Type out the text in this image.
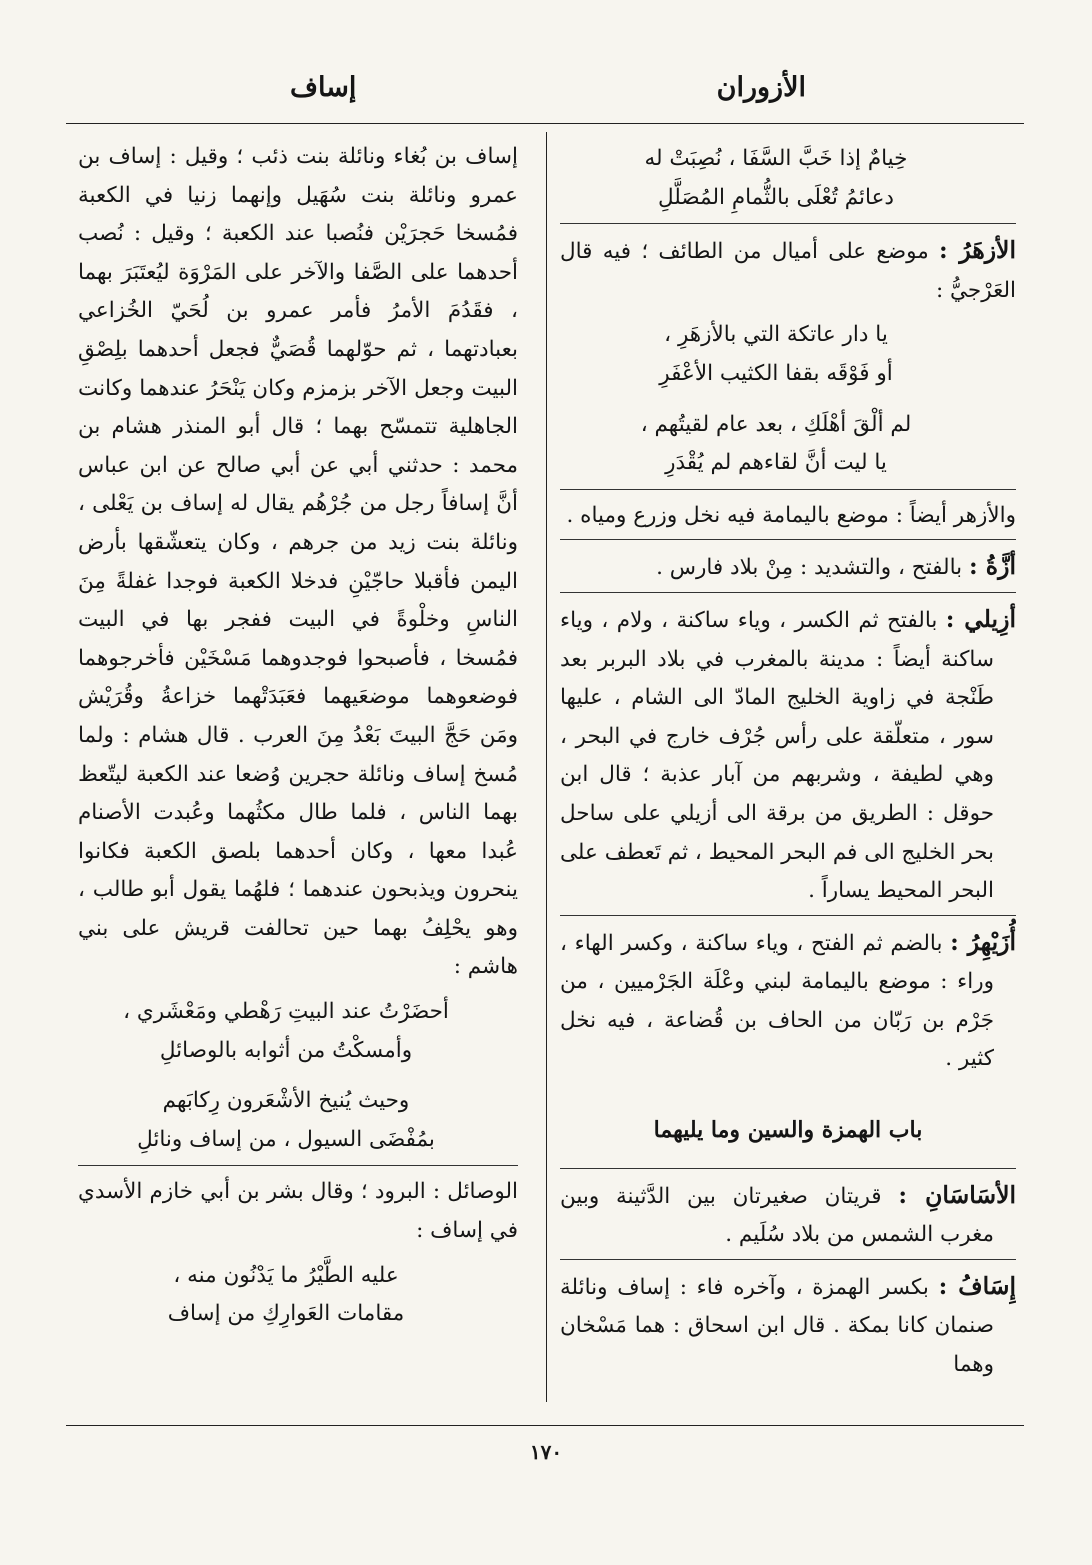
الأزوران
إساف
خِيامٌ إذا خَبَّ السَّفَا ، نُصِبَتْ له
دعائمُ تُعْلَى بالثُّمامِ المُصَلَّلِ

الأزهَرُ : موضع على أميال من الطائف ؛ فيه قال العَرْجيُّ :

يا دار عاتكة التي بالأزهَرِ ،
أو فَوْقَه بقفا الكثيب الأعْفَرِ
لم ألْقَ أهْلَكِ ، بعد عام لقيتُهم ،
يا ليت أنَّ لقاءهم لم يُقْدَرِ

والأزهر أيضاً : موضع باليمامة فيه نخل وزرع ومياه .

أزَّةُ : بالفتح ، والتشديد : مِنْ بلاد فارس .

أزِيلي : بالفتح ثم الكسر ، وياء ساكنة ، ولام ، وياء ساكنة أيضاً : مدينة بالمغرب في بلاد البربر بعد طَنْجة في زاوية الخليج المادّ الى الشام ، عليها سور ، متعلّقة على رأس جُرْف خارج في البحر ، وهي لطيفة ، وشربهم من آبار عذبة ؛ قال ابن حوقل : الطريق من برقة الى أزيلي على ساحل بحر الخليج الى فم البحر المحيط ، ثم تَعطف على البحر المحيط يساراً .

أُزَيْهِرُ : بالضم ثم الفتح ، وياء ساكنة ، وكسر الهاء ، وراء : موضع باليمامة لبني وعْلَة الجَرْميين ، من جَرْم بن رَبّان من الحاف بن قُضاعة ، فيه نخل كثير .

باب الهمزة والسين وما يليهما

الأسَاسَانِ : قريتان صغيرتان بين الدَّثينة وبين مغرب الشمس من بلاد سُلَيم .

إِسَافُ : بكسر الهمزة ، وآخره فاء : إساف ونائلة صنمان كانا بمكة . قال ابن اسحاق : هما مَسْخان وهما

إساف بن بُغاء ونائلة بنت ذئب ؛ وقيل : إساف بن عمرو ونائلة بنت سُهَيل وإنهما زنيا في الكعبة فمُسخا حَجرَيْن فنُصبا عند الكعبة ؛ وقيل : نُصب أحدهما على الصَّفا والآخر على المَرْوَة ليُعتَبَرَ بهما ، فقَدُمَ الأمرُ فأمر عمرو بن لُحَيّ الخُزاعي بعبادتهما ، ثم حوّلهما قُصَيٌّ فجعل أحدهما بلِصْقِ البيت وجعل الآخر بزمزم وكان يَنْحَرُ عندهما وكانت الجاهلية تتمسّح بهما ؛ قال أبو المنذر هشام بن محمد : حدثني أبي عن أبي صالح عن ابن عباس أنَّ إسافاً رجل من جُرْهُم يقال له إساف بن يَعْلى ، ونائلة بنت زيد من جرهم ، وكان يتعشّقها بأرض اليمن فأقبلا حاجّيْنِ فدخلا الكعبة فوجدا غفلةً مِنَ الناسِ وخلْوةً في البيت ففجر بها في البيت فمُسخا ، فأصبحوا فوجدوهما مَسْخَيْن فأخرجوهما فوضعوهما موضعَيهما فعَبَدَتْهما خزاعةُ وقُرَيْش ومَن حَجَّ البيتَ بَعْدُ مِنَ العرب . قال هشام : ولما مُسخ إساف ونائلة حجرين وُضعا عند الكعبة ليتّعظ بهما الناس ، فلما طال مكثُهما وعُبدت الأصنام عُبدا معها ، وكان أحدهما بلصق الكعبة فكانوا ينحرون ويذبحون عندهما ؛ فلهُما يقول أبو طالب ، وهو يحْلِفُ بهما حين تحالفت قريش على بني هاشم :

أحضَرْتُ عند البيتِ رَهْطي ومَعْشَري ،
وأمسكْتُ من أثوابه بالوصائلِ
وحيث يُنيخ الأشْعَرون رِكابَهم
بمُفْضَى السيول ، من إساف ونائلِ

الوصائل : البرود ؛ وقال بشر بن أبي خازم الأسدي في إساف :

عليه الطَّيْرُ ما يَدْنُون منه ،
مقامات العَوارِكِ من إساف
١٧٠
